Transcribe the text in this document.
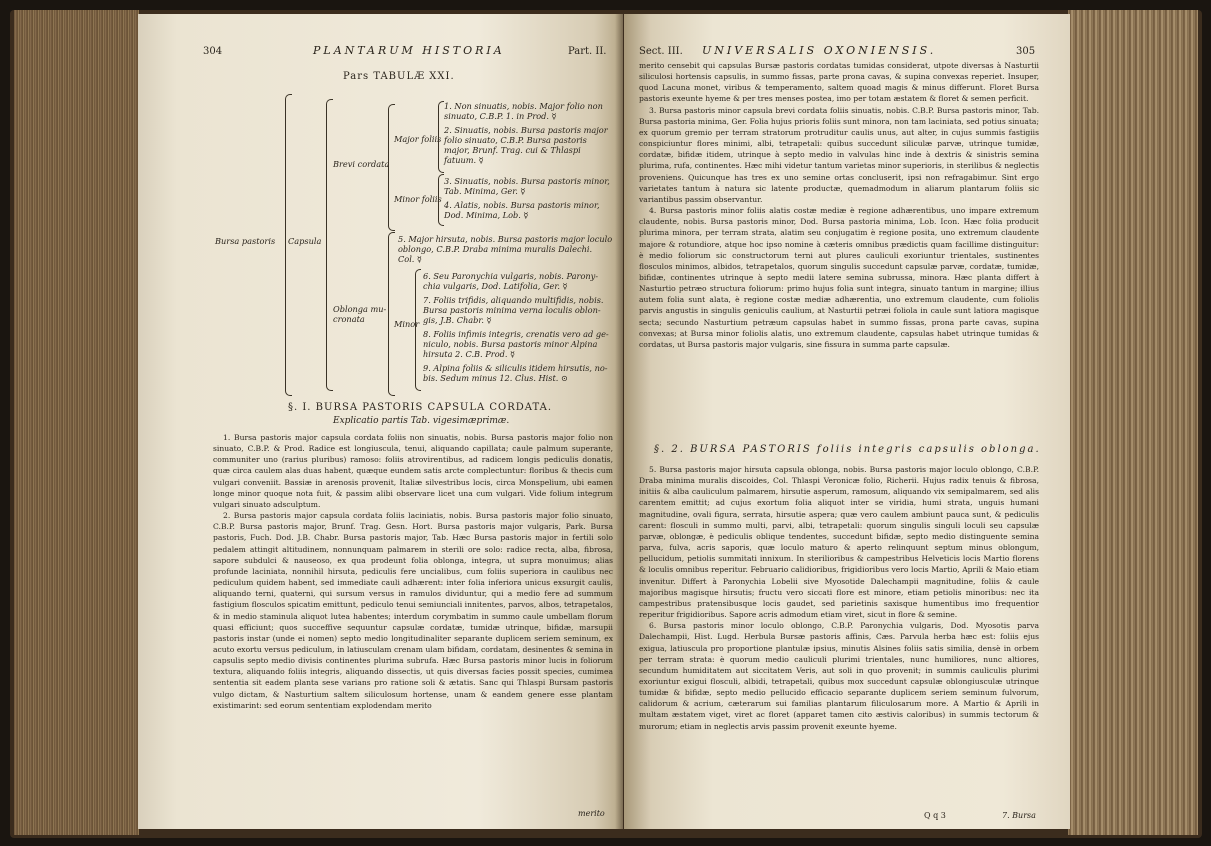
304	PLANTARUM HISTORIA	Part. II.
Pars TABULÆ XXI.
Bursa pastoris Capsula
Brevi cordata
Oblonga mu-
cronata
Major foliis
Minor foliis
Minor
1. Non sinuatis, nobis. Major folio non
sinuato, C.B.P. 1. in Prod. ☿
2. Sinuatis, nobis. Bursa pastoris major
folio sinuato, C.B.P. Bursa pastoris
major, Brunf. Trag. cui & Thlaspi
fatuum. ☿
3. Sinuatis, nobis. Bursa pastoris minor,
Tab. Minima, Ger. ☿
4. Alatis, nobis. Bursa pastoris minor,
Dod. Minima, Lob. ☿
5. Major hirsuta, nobis. Bursa pastoris major loculo
oblongo, C.B.P. Draba minima muralis Dalechi.
Col. ☿
6. Seu Paronychia vulgaris, nobis. Parony-
chia vulgaris, Dod. Latifolia, Ger. ☿
7. Foliis trifidis, aliquando multifidis, nobis.
Bursa pastoris minima verna loculis oblon-
gis, J.B. Chabr. ☿
8. Foliis infimis integris, crenatis vero ad ge-
niculo, nobis. Bursa pastoris minor Alpina
hirsuta 2. C.B. Prod. ☿
9. Alpina foliis & siliculis itidem hirsutis, no-
bis. Sedum minus 12. Clus. Hist. ⊙
§. I. BURSA PASTORIS CAPSULA CORDATA.
Explicatio partis Tab. vigesimæprimæ.

1. Bursa pastoris major capsula cordata foliis non sinuatis, nobis. Bursa pastoris major folio non sinuato, C.B.P. & Prod. Radice est longiuscula, tenui, aliquando capillata; caule palmum superante, communiter uno (rarius pluribus) ramoso: foliis atrovirentibus, ad radicem longis pediculis donatis, quæ circa caulem alas duas habent, quæque eundem satis arcte complectuntur: floribus & thecis cum vulgari conveniit. Bassiæ in arenosis provenit, Italiæ silvestribus locis, circa Monspelium, ubi eamen longe minor quoque nota fuit, & passim alibi observare licet una cum vulgari. Vide folium integrum vulgari sinuato adsculptum.

2. Bursa pastoris major capsula cordata foliis laciniatis, nobis. Bursa pastoris major folio sinuato, C.B.P. Bursa pastoris major, Brunf. Trag. Gesn. Hort. Bursa pastoris major vulgaris, Park. Bursa pastoris, Fuch. Dod. J.B. Chabr. Bursa pastoris major, Tab. Hæc Bursa pastoris major in fertili solo pedalem attingit altitudinem, nonnunquam palmarem in sterili ore solo: radice recta, alba, fibrosa, sapore subdulci & nauseoso, ex qua prodeunt folia oblonga, integra, ut supra monuimus; alias profunde laciniata, nonnihil hirsuta, pediculis fere uncialibus, cum foliis superiora in caulibus nec pediculum quidem habent, sed immediate cauli adhærent: inter folia inferiora unicus exsurgit caulis, aliquando terni, quaterni, qui sursum versus in ramulos dividuntur, qui a medio fere ad summum fastigium flosculos spicatim emittunt, pediculo tenui semiunciali innitentes, parvos, albos, tetrapetalos, & in medio staminula aliquot lutea habentes; interdum corymbatim in summo caule umbellam florum quasi efficiunt; quos succeffive sequuntur capsulæ cordatæ, tumidæ utrinque, bifidæ, marsupii pastoris instar (unde ei nomen) septo medio longitudinaliter separante duplicem seriem seminum, ex acuto exortu versus pediculum, in latiusculam crenam ulam bifidam, cordatam, desinentes & semina in capsulis septo medio divisis continentes plurima subrufa. Hæc Bursa pastoris minor lucis in foliorum textura, aliquando foliis integris, aliquando dissectis, ut quis diversas facies possit species, cumimea sententia sit eadem planta sese varians pro ratione soli & ætatis. Sanc qui Thlaspi Bursam pastoris vulgo dictam, & Nasturtium saltem siliculosum hortense, unam & eandem genere esse plantam existimarint: sed eorum sententiam explodendam merito

merito
Sect. III. UNIVERSALIS OXONIENSIS.	305

merito censebit qui capsulas Bursæ pastoris cordatas tumidas considerat, utpote diversas à Nasturtii siliculosi hortensis capsulis, in summo fissas, parte prona cavas, & supina convexas reperiet. Insuper, quod Lacuna monet, viribus & temperamento, saltem quoad magis & minus differunt. Floret Bursa pastoris exeunte hyeme & per tres menses postea, imo per totam æstatem & floret & semen perficit.

3. Bursa pastoris minor capsula brevi cordata foliis sinuatis, nobis. C.B.P. Bursa pastoris minor, Tab. Bursa pastoria minima, Ger. Folia hujus prioris foliis sunt minora, non tam laciniata, sed potius sinuata; ex quorum gremio per terram stratorum protruditur caulis unus, aut alter, in cujus summis fastigiis conspiciuntur flores minimi, albi, tetrapetali: quibus succedunt siliculæ parvæ, utrinque tumidæ, cordatæ, bifidæ itidem, utrinque à septo medio in valvulas hinc inde à dextris & sinistris semina plurima, rufa, continentes. Hæc mihi videtur tantum varietas minor superioris, in sterilibus & neglectis proveniens. Quicunque has tres ex uno semine ortas concluserit, ipsi non refragabimur. Sint ergo varietates tantum à natura sic latente productæ, quemadmodum in aliarum plantarum foliis sic variantibus passim observantur.

4. Bursa pastoris minor foliis alatis costæ mediæ è regione adhærentibus, uno impare extremum claudente, nobis. Bursa pastoris minor, Dod. Bursa pastoria minima, Lob. Icon. Hæc folia producit plurima minora, per terram strata, alatim seu conjugatim è regione posita, uno extremum claudente majore & rotundiore, atque hoc ipso nomine à cæteris omnibus prædictis quam facillime distinguitur: è medio foliorum sic constructorum terni aut plures cauliculi exoriuntur trientales, sustinentes flosculos minimos, albidos, tetrapetalos, quorum singulis succedunt capsulæ parvæ, cordatæ, tumidæ, bifidæ, continentes utrinque à septo medii latere semina subrussa, minora. Hæc planta differt à Nasturtio petræo structura foliorum: primo hujus folia sunt integra, sinuato tantum in margine; illius autem folia sunt alata, è regione costæ mediæ adhærentia, uno extremum claudente, cum foliolis parvis angustis in singulis geniculis caulium, at Nasturtii petræi foliola in caule sunt latiora magisque secta; secundo Nasturtium petræum capsulas habet in summo fissas, prona parte cavas, supina convexas; at Bursa minor foliolis alatis, uno extremum claudente, capsulas habet utrinque tumidas & cordatas, ut Bursa pastoris major vulgaris, sine fissura in summa parte capsulæ.

§. 2. BURSA PASTORIS foliis integris capsulis oblonga.

5. Bursa pastoris major hirsuta capsula oblonga, nobis. Bursa pastoris major loculo oblongo, C.B.P. Draba minima muralis discoides, Col. Thlaspi Veronicæ folio, Richerii. Hujus radix tenuis & fibrosa, initiis & alba cauliculum palmarem, hirsutie asperum, ramosum, aliquando vix semipalmarem, sed alis carentem emittit; ad cujus exortum folia aliquot inter se viridia, humi strata, unguis humani magnitudine, ovali figura, serrata, hirsutie aspera; quæ vero caulem ambiunt pauca sunt, & pediculis carent: flosculi in summo multi, parvi, albi, tetrapetali: quorum singulis singuli loculi seu capsulæ parvæ, oblongæ, è pediculis oblique tendentes, succedunt bifidæ, septo medio distinguente semina parva, fulva, acris saporis, quæ loculo maturo & aperto relinquunt septum minus oblongum, pellucidum, petiolis summitati innixum. In sterilioribus & campestribus Helveticis locis Martio florens & loculis omnibus reperitur. Februario calidioribus, frigidioribus vero locis Martio, Aprili & Maio etiam invenitur. Differt à Paronychia Lobelii sive Myosotide Dalechampii magnitudine, foliis & caule majoribus magisque hirsutis; fructu vero siccati flore est minore, etiam petiolis minoribus: nec ita campestribus pratensibusque locis gaudet, sed parietinis saxisque humentibus imo frequentior reperitur frigidioribus. Sapore acris admodum etiam viret, sicut in flore & semine.

6. Bursa pastoris minor loculo oblongo, C.B.P. Paronychia vulgaris, Dod. Myosotis parva Dalechampii, Hist. Lugd. Herbula Bursæ pastoris affinis, Cæs. Parvula herba hæc est: foliis ejus exigua, latiuscula pro proportione plantulæ ipsius, minutis Alsines foliis satis similia, densè in orbem per terram strata: è quorum medio cauliculi plurimi trientales, nunc humiliores, nunc altiores, secundum humiditatem aut siccitatem Veris, aut soli in quo provenit; in summis cauliculis plurimi exoriuntur exigui flosculi, albidi, tetrapetali, quibus mox succedunt capsulæ oblongiusculæ utrinque tumidæ & bifidæ, septo medio pellucido efficacio separante duplicem seriem seminum fulvorum, calidorum & acrium, cæterarum sui familias plantarum filiculosarum more. A Martio & Aprili in multam æstatem viget, viret ac floret (apparet tamen cito æstivis caloribus) in summis tectorum & murorum; etiam in neglectis arvis passim provenit exeunte hyeme.

Q q 3	7. Bursa
